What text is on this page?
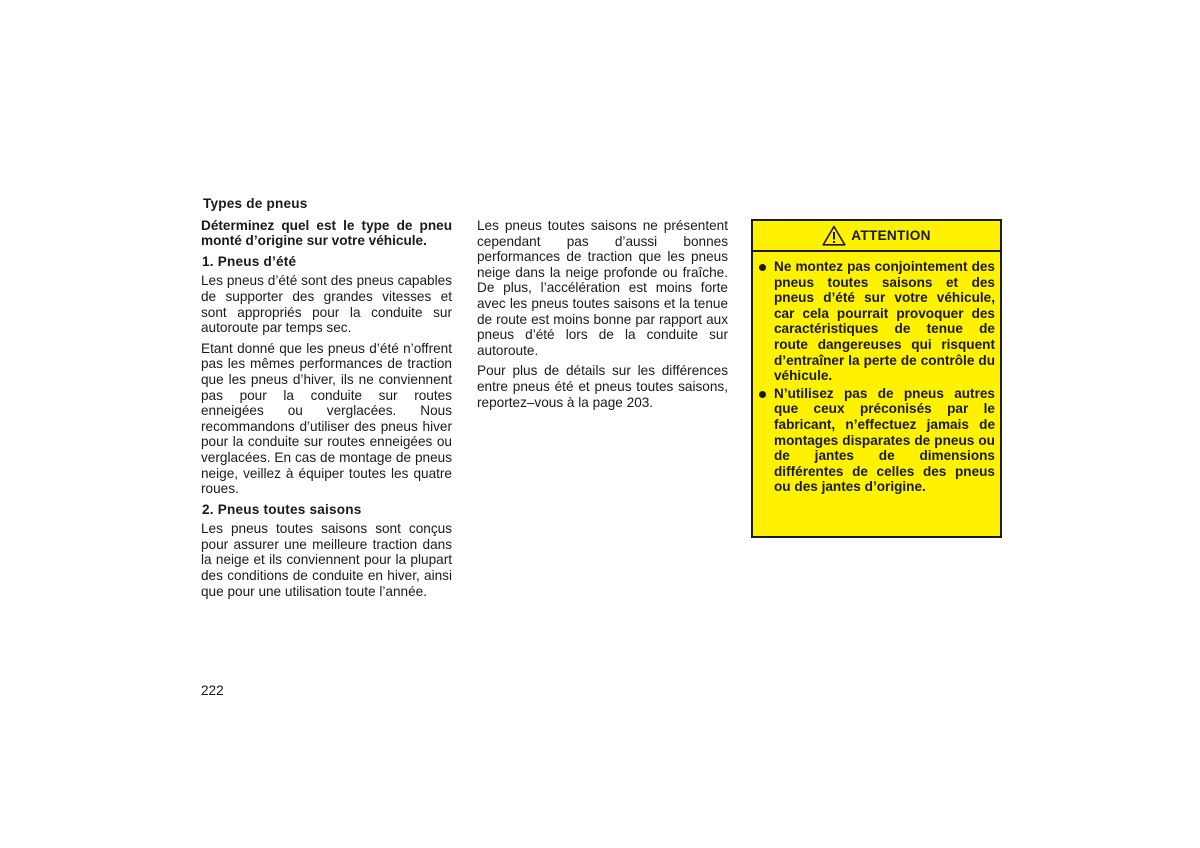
Types de pneus

Déterminez quel est le type de pneu monté d’origine sur votre véhicule.

1. Pneus d’été

Les pneus d’été sont des pneus capables de supporter des grandes vitesses et sont appropriés pour la conduite sur autoroute par temps sec.

Etant donné que les pneus d’été n’offrent pas les mêmes performances de traction que les pneus d’hiver, ils ne conviennent pas pour la conduite sur routes enneigées ou verglacées. Nous recommandons d’utiliser des pneus hiver pour la conduite sur routes enneigées ou verglacées. En cas de montage de pneus neige, veillez à équiper toutes les quatre roues.

2. Pneus toutes saisons

Les pneus toutes saisons sont conçus pour assurer une meilleure traction dans la neige et ils conviennent pour la plupart des conditions de conduite en hiver, ainsi que pour une utilisation toute l’année.

222

Les pneus toutes saisons ne présentent cependant pas d’aussi bonnes performances de traction que les pneus neige dans la neige profonde ou fraîche. De plus, l’accélération est moins forte avec les pneus toutes saisons et la tenue de route est moins bonne par rapport aux pneus d’été lors de la conduite sur autoroute.

Pour plus de détails sur les différences entre pneus été et pneus toutes saisons, reportez–vous à la page 203.

ATTENTION
Ne montez pas conjointement des pneus toutes saisons et des pneus d’été sur votre véhicule, car cela pourrait provoquer des caractéristiques de tenue de route dangereuses qui risquent d’entraîner la perte de contrôle du véhicule.
N’utilisez pas de pneus autres que ceux préconisés par le fabricant, n’effectuez jamais de montages disparates de pneus ou de jantes de dimensions différentes de celles des pneus ou des jantes d’origine.
